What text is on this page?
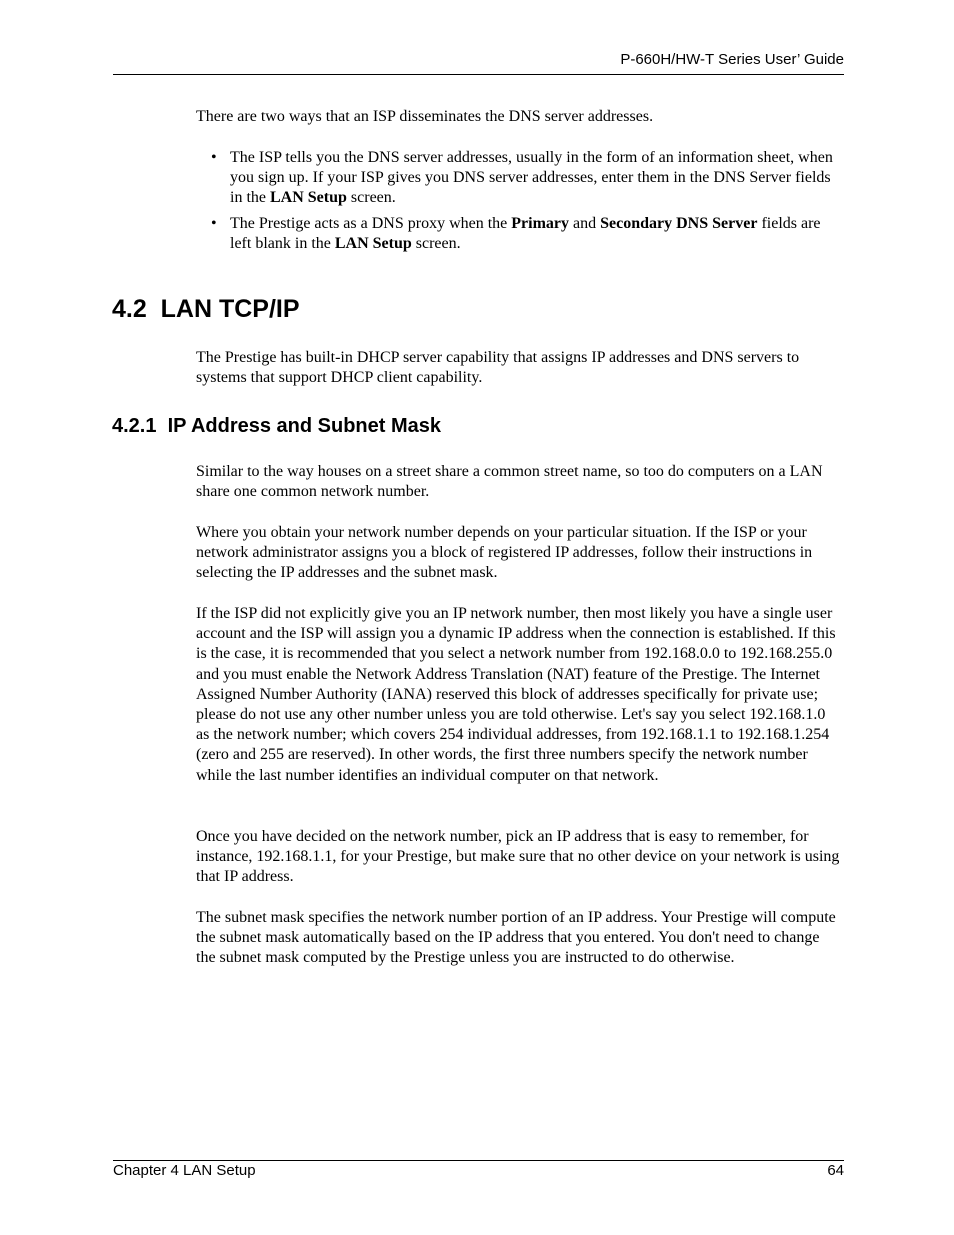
P-660H/HW-T Series User’ Guide

There are two ways that an ISP disseminates the DNS server addresses.

• The ISP tells you the DNS server addresses, usually in the form of an information sheet, when you sign up. If your ISP gives you DNS server addresses, enter them in the DNS Server fields in the LAN Setup screen.
• The Prestige acts as a DNS proxy when the Primary and Secondary DNS Server fields are left blank in the LAN Setup screen.
4.2  LAN TCP/IP

The Prestige has built-in DHCP server capability that assigns IP addresses and DNS servers to systems that support DHCP client capability.

4.2.1  IP Address and Subnet Mask

Similar to the way houses on a street share a common street name, so too do computers on a LAN share one common network number.

Where you obtain your network number depends on your particular situation. If the ISP or your network administrator assigns you a block of registered IP addresses, follow their instructions in selecting the IP addresses and the subnet mask.

If the ISP did not explicitly give you an IP network number, then most likely you have a single user account and the ISP will assign you a dynamic IP address when the connection is established. If this is the case, it is recommended that you select a network number from 192.168.0.0 to 192.168.255.0 and you must enable the Network Address Translation (NAT) feature of the Prestige. The Internet Assigned Number Authority (IANA) reserved this block of addresses specifically for private use; please do not use any other number unless you are told otherwise. Let's say you select 192.168.1.0 as the network number; which covers 254 individual addresses, from 192.168.1.1 to 192.168.1.254 (zero and 255 are reserved). In other words, the first three numbers specify the network number while the last number identifies an individual computer on that network.

Once you have decided on the network number, pick an IP address that is easy to remember, for instance, 192.168.1.1, for your Prestige, but make sure that no other device on your network is using that IP address.

The subnet mask specifies the network number portion of an IP address. Your Prestige will compute the subnet mask automatically based on the IP address that you entered. You don't need to change the subnet mask computed by the Prestige unless you are instructed to do otherwise.

Chapter 4 LAN Setup	64
